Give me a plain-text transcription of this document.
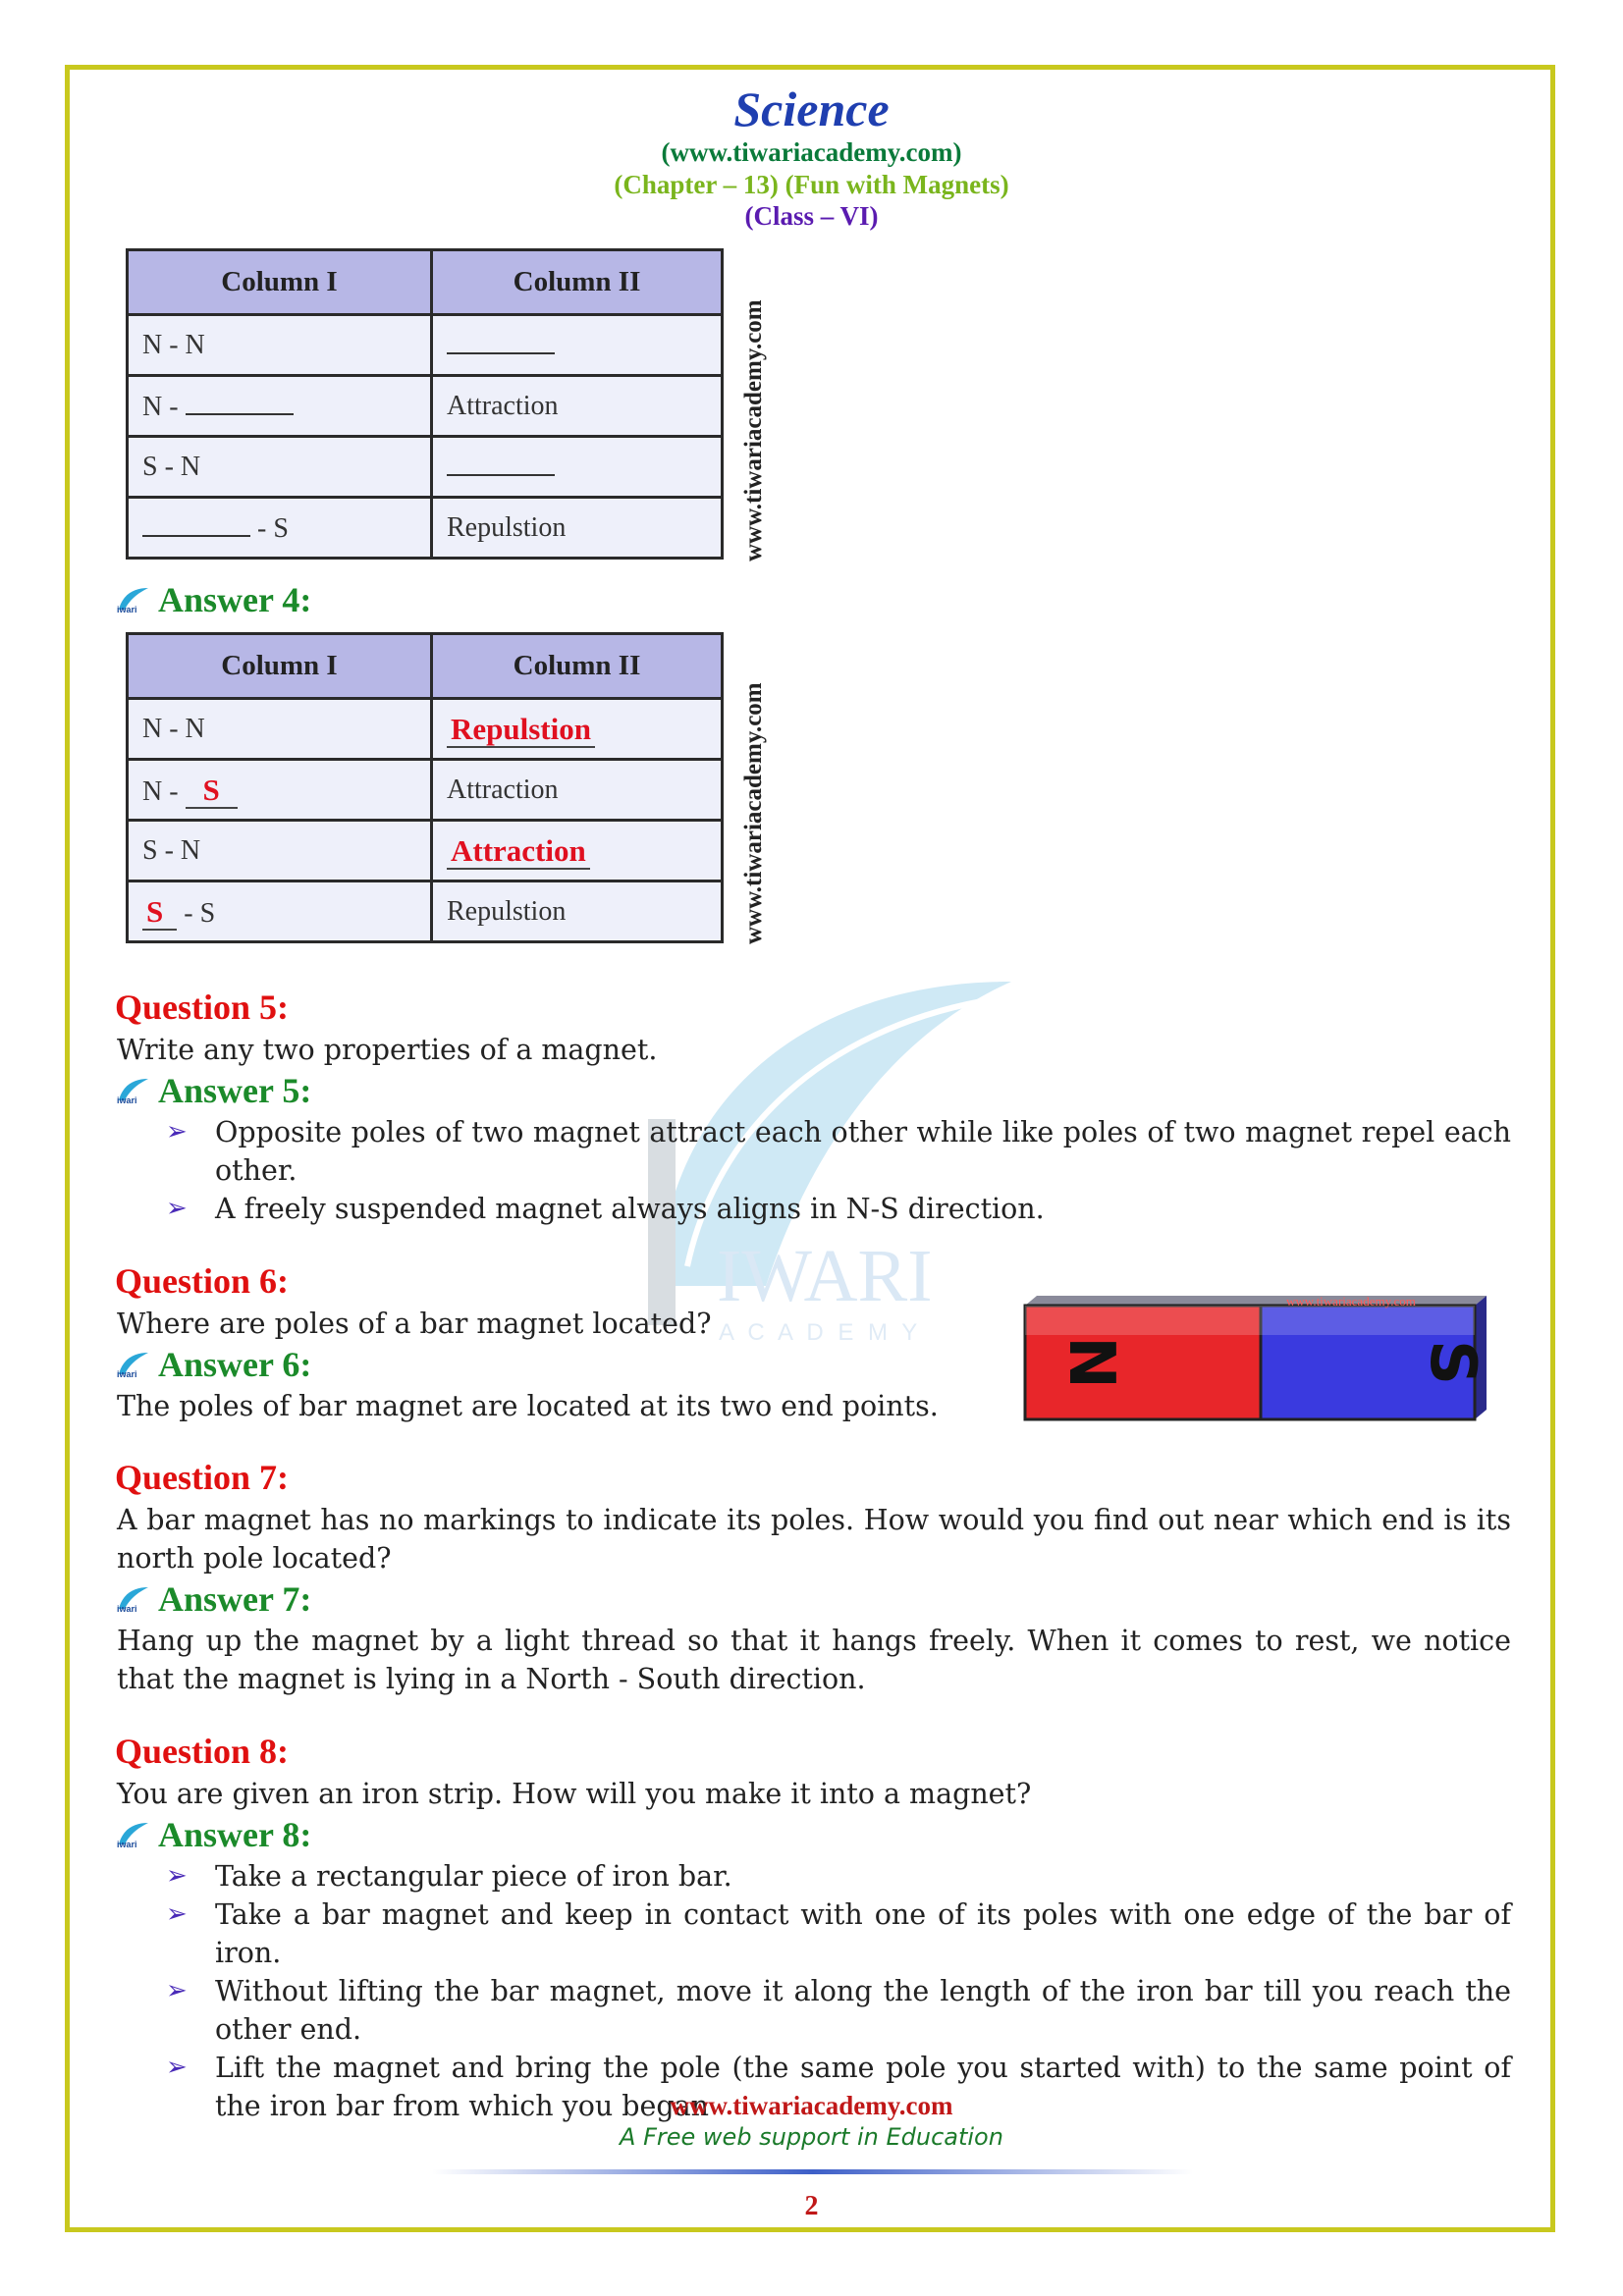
Science
(www.tiwariacademy.com)
(Chapter – 13) (Fun with Magnets)
(Class – VI)
Column I	Column II
N - N	
N -	Attraction
S - N	
- S	Repulstion	www.tiwariacademy.com
iwari Answer 4:
Column I	Column II
N - N	Repulstion
N - S	Attraction
S - N	Attraction
S - S	Repulstion	www.tiwariacademy.com
IWARI
A C A D E M Y
Question 5:
Write any two properties of a magnet.
iwari Answer 5:
➢ Opposite poles of two magnet attract each other while like poles of two magnet repel each other.
➢ A freely suspended magnet always aligns in N-S direction.
Question 6:
Where are poles of a bar magnet located?
iwari Answer 6:
The poles of bar magnet are located at its two end points.
www.tiwariacademy.com
N	S
Question 7:
A bar magnet has no markings to indicate its poles. How would you find out near which end is its north pole located?
iwari Answer 7:
Hang up the magnet by a light thread so that it hangs freely. When it comes to rest, we notice that the magnet is lying in a North - South direction.
Question 8:
You are given an iron strip. How will you make it into a magnet?
iwari Answer 8:
➢ Take a rectangular piece of iron bar.
➢ Take a bar magnet and keep in contact with one of its poles with one edge of the bar of iron.
➢ Without lifting the bar magnet, move it along the length of the iron bar till you reach the other end.
➢ Lift the magnet and bring the pole (the same pole you started with) to the same point of the iron bar from which you began
www.tiwariacademy.com
A Free web support in Education
2
